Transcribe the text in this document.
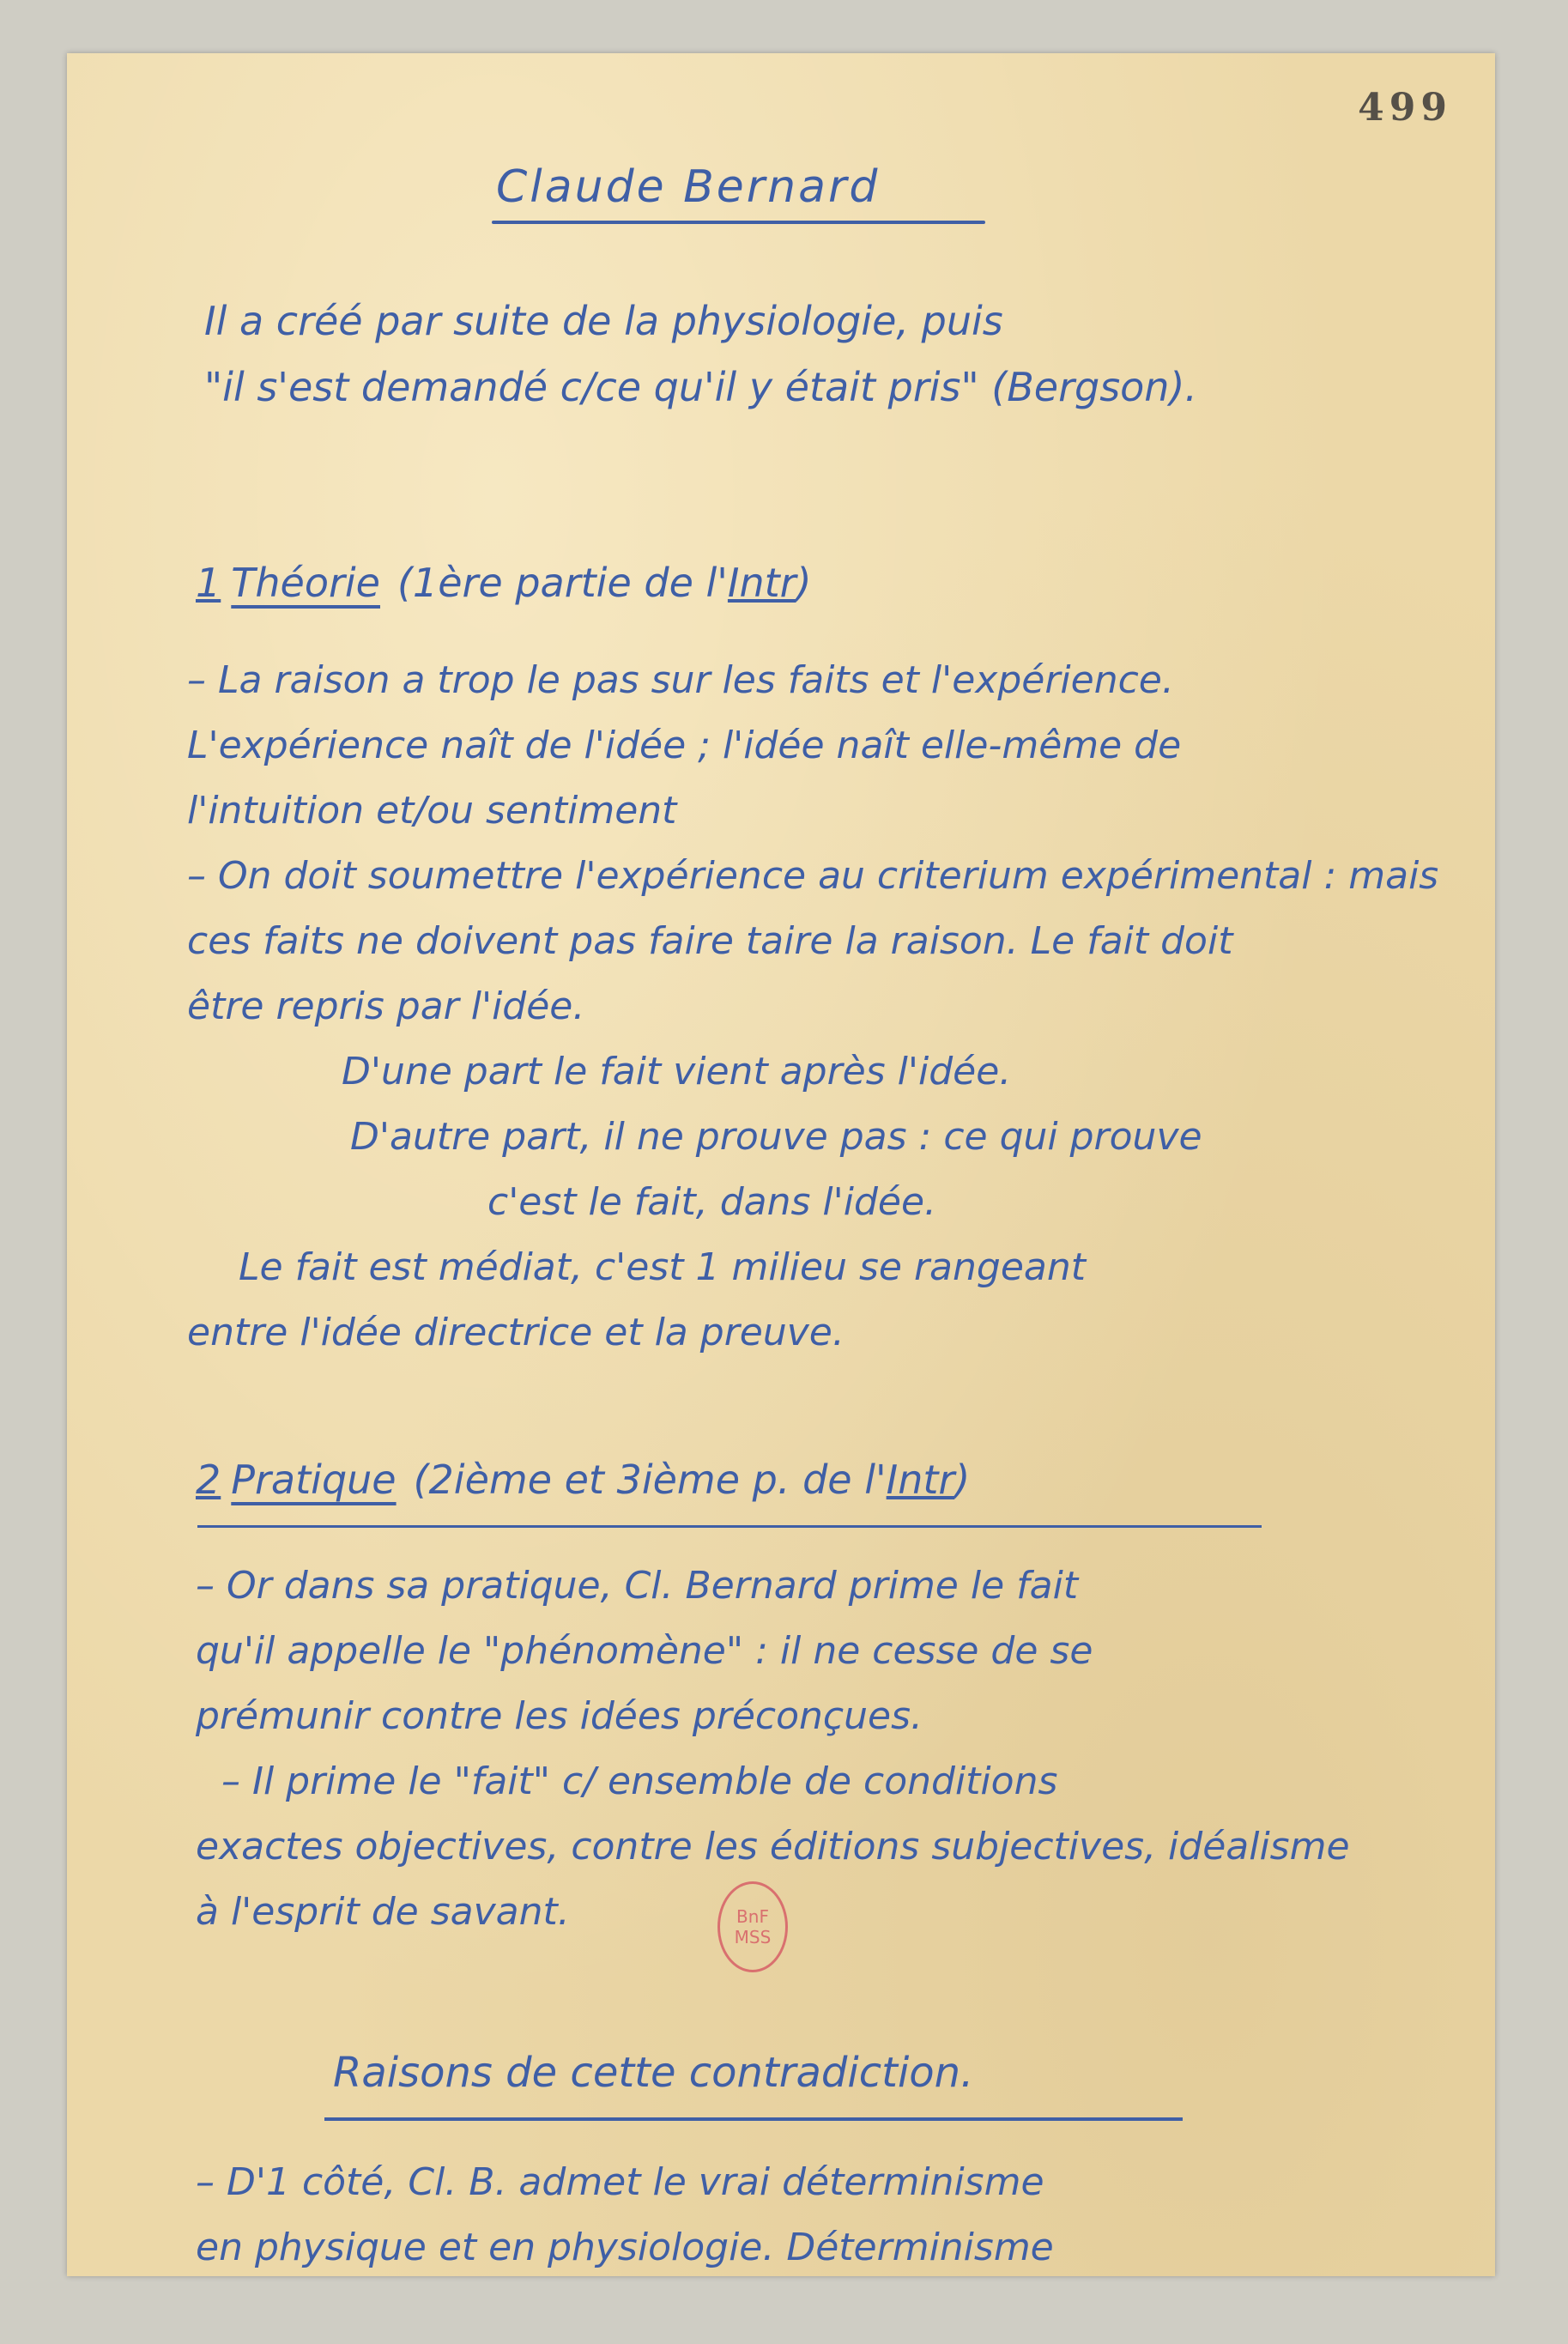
499
Claude Bernard
Il a créé par suite de la physiologie, puis
"il s'est demandé c/ce qu'il y était pris" (Bergson).
1 Théorie (1ère partie de l'Intr)
– La raison a trop le pas sur les faits et l'expérience.
L'expérience naît de l'idée ; l'idée naît elle-même de
l'intuition et/ou sentiment
– On doit soumettre l'expérience au criterium expérimental : mais
ces faits ne doivent pas faire taire la raison. Le fait doit
être repris par l'idée.
D'une part le fait vient après l'idée.
D'autre part, il ne prouve pas : ce qui prouve
c'est le fait, dans l'idée.
Le fait est médiat, c'est 1 milieu se rangeant
entre l'idée directrice et la preuve.
2 Pratique (2ième et 3ième p. de l'Intr)
– Or dans sa pratique, Cl. Bernard prime le fait
qu'il appelle le "phénomène" : il ne cesse de se
prémunir contre les idées préconçues.
– Il prime le "fait" c/ ensemble de conditions
exactes objectives, contre les éditions subjectives, idéalisme
à l'esprit de savant.	BnF
MSS
Raisons de cette contradiction.
– D'1 côté, Cl. B. admet le vrai déterminisme
en physique et en physiologie. Déterminisme
